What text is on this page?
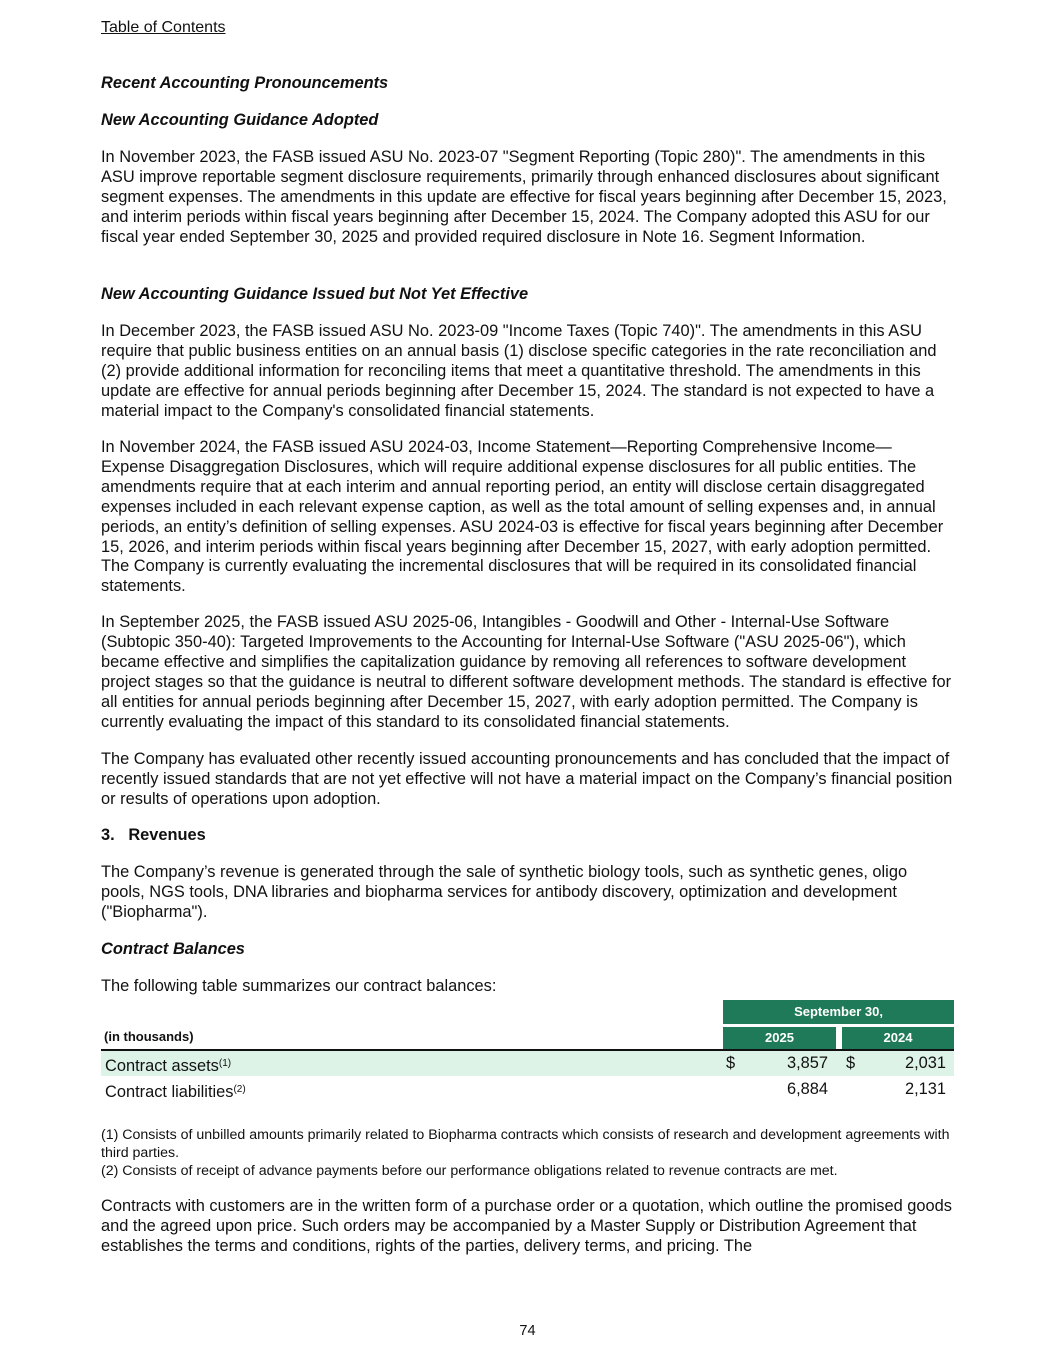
Table of Contents

Recent Accounting Pronouncements

New Accounting Guidance Adopted

In November 2023, the FASB issued ASU No. 2023-07 "Segment Reporting (Topic 280)". The amendments in this ASU improve reportable segment disclosure requirements, primarily through enhanced disclosures about significant segment expenses. The amendments in this update are effective for fiscal years beginning after December 15, 2023, and interim periods within fiscal years beginning after December 15, 2024. The Company adopted this ASU for our fiscal year ended September 30, 2025 and provided required disclosure in Note 16. Segment Information.

New Accounting Guidance Issued but Not Yet Effective

In December 2023, the FASB issued ASU No. 2023-09 "Income Taxes (Topic 740)". The amendments in this ASU require that public business entities on an annual basis (1) disclose specific categories in the rate reconciliation and (2) provide additional information for reconciling items that meet a quantitative threshold. The amendments in this update are effective for annual periods beginning after December 15, 2024. The standard is not expected to have a material impact to the Company's consolidated financial statements.

In November 2024, the FASB issued ASU 2024-03, Income Statement—Reporting Comprehensive Income—Expense Disaggregation Disclosures, which will require additional expense disclosures for all public entities. The amendments require that at each interim and annual reporting period, an entity will disclose certain disaggregated expenses included in each relevant expense caption, as well as the total amount of selling expenses and, in annual periods, an entity’s definition of selling expenses. ASU 2024-03 is effective for fiscal years beginning after December 15, 2026, and interim periods within fiscal years beginning after December 15, 2027, with early adoption permitted. The Company is currently evaluating the incremental disclosures that will be required in its consolidated financial statements.

In September 2025, the FASB issued ASU 2025-06, Intangibles - Goodwill and Other - Internal-Use Software (Subtopic 350-40): Targeted Improvements to the Accounting for Internal-Use Software ("ASU 2025-06"), which became effective and simplifies the capitalization guidance by removing all references to software development project stages so that the guidance is neutral to different software development methods. The standard is effective for all entities for annual periods beginning after December 15, 2027, with early adoption permitted. The Company is currently evaluating the impact of this standard to its consolidated financial statements.

The Company has evaluated other recently issued accounting pronouncements and has concluded that the impact of recently issued standards that are not yet effective will not have a material impact on the Company’s financial position or results of operations upon adoption.

3.   Revenues

The Company’s revenue is generated through the sale of synthetic biology tools, such as synthetic genes, oligo pools, NGS tools, DNA libraries and biopharma services for antibody discovery, optimization and development ("Biopharma").

Contract Balances

The following table summarizes our contract balances:

September 30,
(in thousands)	2025	2024
Contract assets$^{(1)}$	$	3,857 $	2,031
Contract liabilities$^{(2)}$	6,884	2,131

(1) Consists of unbilled amounts primarily related to Biopharma contracts which consists of research and development agreements with third parties.

(2) Consists of receipt of advance payments before our performance obligations related to revenue contracts are met.

Contracts with customers are in the written form of a purchase order or a quotation, which outline the promised goods and the agreed upon price. Such orders may be accompanied by a Master Supply or Distribution Agreement that establishes the terms and conditions, rights of the parties, delivery terms, and pricing. The

74
